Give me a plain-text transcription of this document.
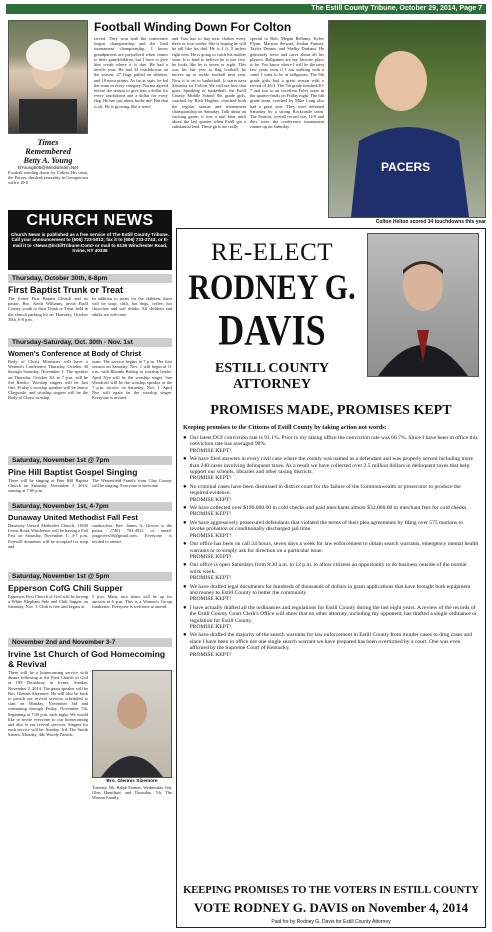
The Estill County Tribune, October 29, 2014, Page 7
Times
Remembered
Betty A. Young
BYoung505@Windstream.Net
Football winding down for Colton. His team, the Pacers, finished yesterday in Georgetown with a 10-0
Football Winding Down For Colton
record. They won both the conference league championship and the final tournament championship. I know grandparents are prejudiced when comes to their grandchildren, but I have to give him credit where it is due. He had a terrific year. He had 34 touchdowns on the season, 47 flags pulled on defense, and 10 extra points. As far as stats, he led the team in every category. Norma agreed before the season to give him a dollar for every touchdown and a dollar for every flag. He has just about broke me! But that is ok. He is growing like a weed
and Tara has to buy new clothes every three or four weeks. She is hoping he will be tall like his dad. He is 4 ft. 5 inches right now. He is going to catch his mother soon. It is hard to believe he is just five, he looks like he is seven or eight. This was his last year at flag football; he moves up to tackle football next year. Now it is on to basketball. It starts next Saturday for Colton. We will see how that goes. Speaking of basketball, the Estill County Middle School 8th grade girls, coached by Rich Hughes, clinched both the regular season and tournament championship on Saturday. Talk about an exciting game; it was a nail biter until about the last quarter when Estill got a substantial lead. These girls are really
special to Bob; Megan Bellamy, Kylee Flynn, Marrian Stewart, Jordan Farmer, Taylor Dennis, and Shelby Durham. He genuinely loves and cares about all his players. Ballgames are my favorite place to be. You know where I will be the next few years even if I am walking with a cane! I want to be at ballgames. The 8th grade girls had a great season with a record of 26-3. The 7th grade finished 20-7 and lost to an excellent Foley team in the quarter-finals on Friday night. The 6th grade team, coached by Mike Long also had a great year. They were defeated Saturday by a strong Rockcastle team. The Patriots' overall record was 14-9 and they were the conference tournament runner up on Saturday.
PACERS
Colton Helton scored 34 touchdowns this year
CHURCH NEWS
Church News is published as a free service of The Estill County Tribune. Call your announcement to (606) 723-5012; fax it to (606) 723-2743; or E-mail it to <News@EstillTribune.Com> or mail to 6135 Winchester Road, Irvine, KY 40336
Thursday, October 30th, 6-8pm
First Baptist Trunk or Treat
The Irvine First Baptist Church and its pastor, Bro. Keith Williams, invite Estill County youth to their Trunk or Treat, held in the church parking lot on Thursday, October 30th, 6-8 p.m.
In addition to treats for the children, there will be soup, chili, hot dogs, coffee, hot chocolate and soft drinks. All children and adults are welcome.
Thursday-Saturday, Oct. 30th - Nov. 1st
Women's Conference at Body of Christ
Body of Christ Ministries will have a Women's Conference Thursday, October 30 through Saturday, November 1. The speaker on Thursday, October 30, at 7 p.m. will be Sid Renfro. Worship singers will be Just One. Friday's worship speaker will be Janice Claypoole, and worship singers will be the Body of Christ worship
team. The service begins at 7 p.m. The first session on Saturday, Nov. 1 will begin at 11 a.m. with Rhonda Bishop as worship leader. April Nye will be the worship singer. Sue Woodroff will be the worship speaker at the 7 p.m. service on Saturday, Nov. 1. April Nye will again be the worship singer. Everyone is invited.
Saturday, November 1st @ 7pm
Pine Hill Baptist Gospel Singing
There will be singing at Pine Hill Baptist Church on Saturday, November 1, 2014, starting at 7:00 p.m.
The Westerfield Family from Clay County will be singing. Everyone is welcome.
Saturday, November 1st, 4-7pm
Dunaway United Methodist Fall Fest
Dunaway United Methodist Church, 11840 Irvine Road, Winchester will be having a Fall Fest on Saturday, November 1, 4-7 p.m. Freewill donations will be accepted for soup and
sandwiches. Rev. James A. Groves is the pastor. (740) 702-4921 or email: jimgroves50@gmail.com. Everyone is invited to attend.
Saturday, November 1st @ 5pm
Epperson CofG Chili Supper
Epperson First Church of God will be having a White Elephant Sale and Chili Supper on Saturday, Nov. 1. Chili is free and begins at
5 p.m. Many nice items will be up for auction at 6 p.m. This is a Women's Group fundraiser. Everyone is welcome to attend.
November 2nd and November 3-7
Irvine 1st Church of God Homecoming & Revival
There will be a homecoming service with dinner following at the First Church of God at 199 Broadway in Irvine, Sunday, November 2, 2014. The guest speaker will be Bro. Glennis Sizemore. He will also be back to preach our revival services scheduled to start on Monday, November 3rd and continuing through Friday, November 7th, beginning at 7:00 p.m. each night. We would like to invite everyone to our homecoming and also to our revival services. Singers for each service will be: Sunday, 3rd, The Smith Sisters; Monday, 4th, Woody Patrick;
Bro. Glennis Sizemore
Tuesday, 5th, Ralph Farmer; Wednesday, 6th, Glen Hamilton; and Thursday, 7th, The Watson Family.
RE-ELECT
RODNEY G.
DAVIS
ESTILL COUNTY
ATTORNEY
PROMISES MADE, PROMISES KEPT
Keeping promises to the Citizens of Estill County by taking action not words:
● Our latest DUI conviction rate is 91.1%. Prior to my taking office the conviction rate was 66.7%. Since I have been in office this conviction rate has averaged 90%.
PROMISE KEPT!
● We have filed answers in every civil case where the county was named as a defendant and was properly served including more than 240 cases involving delinquent taxes. As a result we have collected over 2.5 million dollars in delinquent taxes that help support our schools, libraries and other taxing districts.
PROMISE KEPT!
● No criminal cases have been dismissed in district court for the failure of the Commonwealth or prosecutor to produce the required evidence.
PROMISE KEPT!
● We have collected over $190,000.00 in cold checks and paid merchants almost $32,000.00 in merchant fees for cold checks.
PROMISE KEPT!
● We have aggressively prosecuted defendants that violated the terms of their plea agreements by filing over 575 motions to revoke probation or conditionally discharged jail time.
PROMISE KEPT!
● Our office has been on call 24 hours, seven days a week for law enforcement to obtain search warrants, emergency mental health warrants or to simply ask for direction on a particular issue.
PROMISE KEPT!
● Our office is open Saturdays from 8:30 a.m. to 12 p.m. to allow citizens an opportunity to do business outside of the normal work week.
PROMISE KEPT!
● We have drafted legal documents for hundreds of thousands of dollars in grant applications that have brought both equipment and money to Estill County to better the community.
PROMISE KEPT!
● I have actually drafted all the ordinances and regulations for Estill County during the last eight years. A review of the records of the Estill County Court Clerk's Office will show that no other attorney, including my opponent, has drafted a single ordinance or regulation for Estill County.
PROMISE KEPT!
● We have drafted the majority of the search warrants for law enforcement in Estill County from murder cases to drug cases and since I have been in office not one single search warrant we have prepared has been overturned by a court. One was even affirmed by the Supreme Court of Kentucky.
PROMISE KEPT!
KEEPING PROMISES TO THE VOTERS IN ESTILL COUNTY
VOTE RODNEY G. DAVIS on November 4, 2014
Paid for by Rodney G. Davis for Estill County Attorney
